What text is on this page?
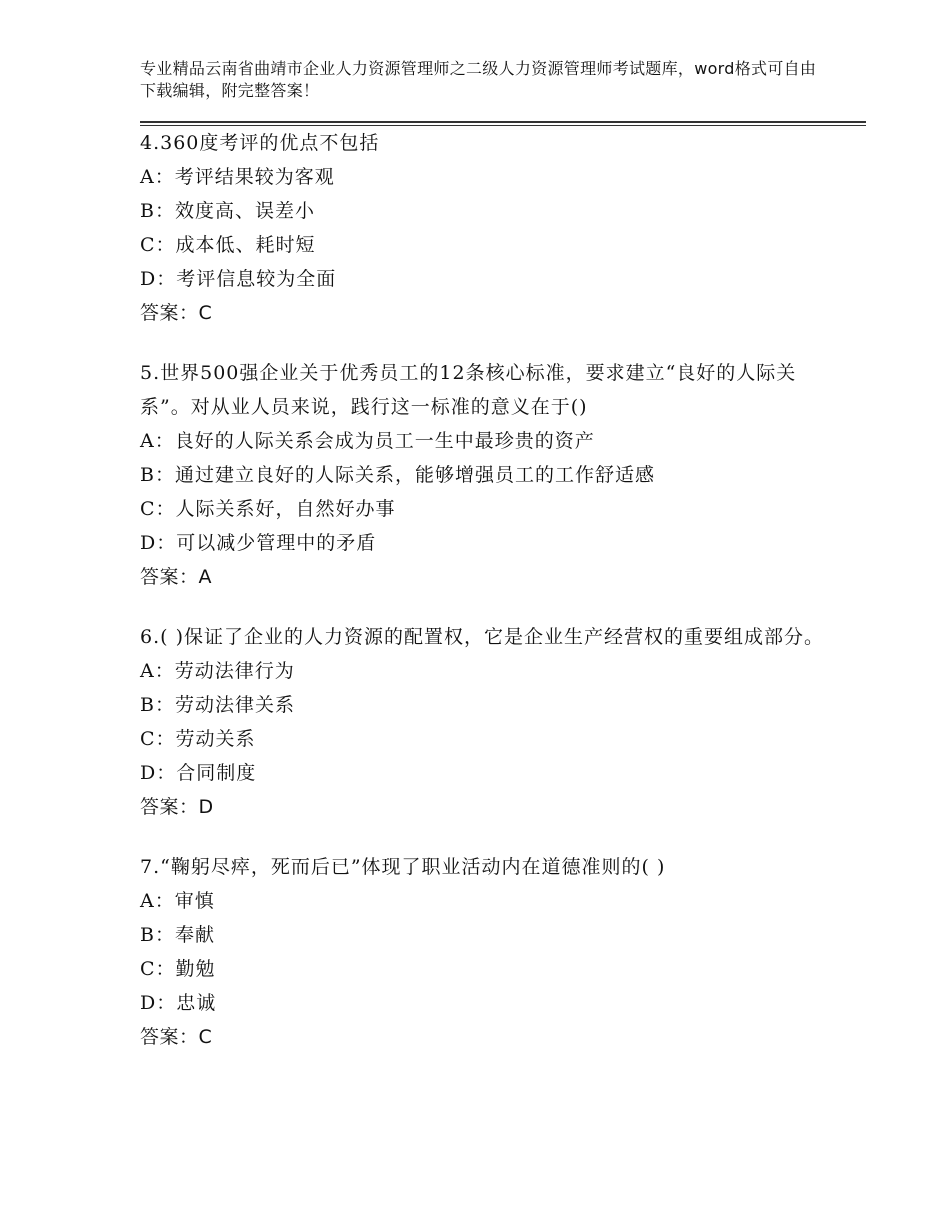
专业精品云南省曲靖市企业人力资源管理师之二级人力资源管理师考试题库，word格式可自由下载编辑，附完整答案！
4.360度考评的优点不包括
A：考评结果较为客观
B：效度高、误差小
C：成本低、耗时短
D：考评信息较为全面
答案：C
5.世界500强企业关于优秀员工的12条核心标准，要求建立“良好的人际关系”。对从业人员来说，践行这一标准的意义在于()
A：良好的人际关系会成为员工一生中最珍贵的资产
B：通过建立良好的人际关系，能够增强员工的工作舒适感
C：人际关系好，自然好办事
D：可以减少管理中的矛盾
答案：A
6.( )保证了企业的人力资源的配置权，它是企业生产经营权的重要组成部分。
A：劳动法律行为
B：劳动法律关系
C：劳动关系
D：合同制度
答案：D
7.“鞠躬尽瘁，死而后已”体现了职业活动内在道德准则的( )
A：审慎
B：奉献
C：勤勉
D：忠诚
答案：C
